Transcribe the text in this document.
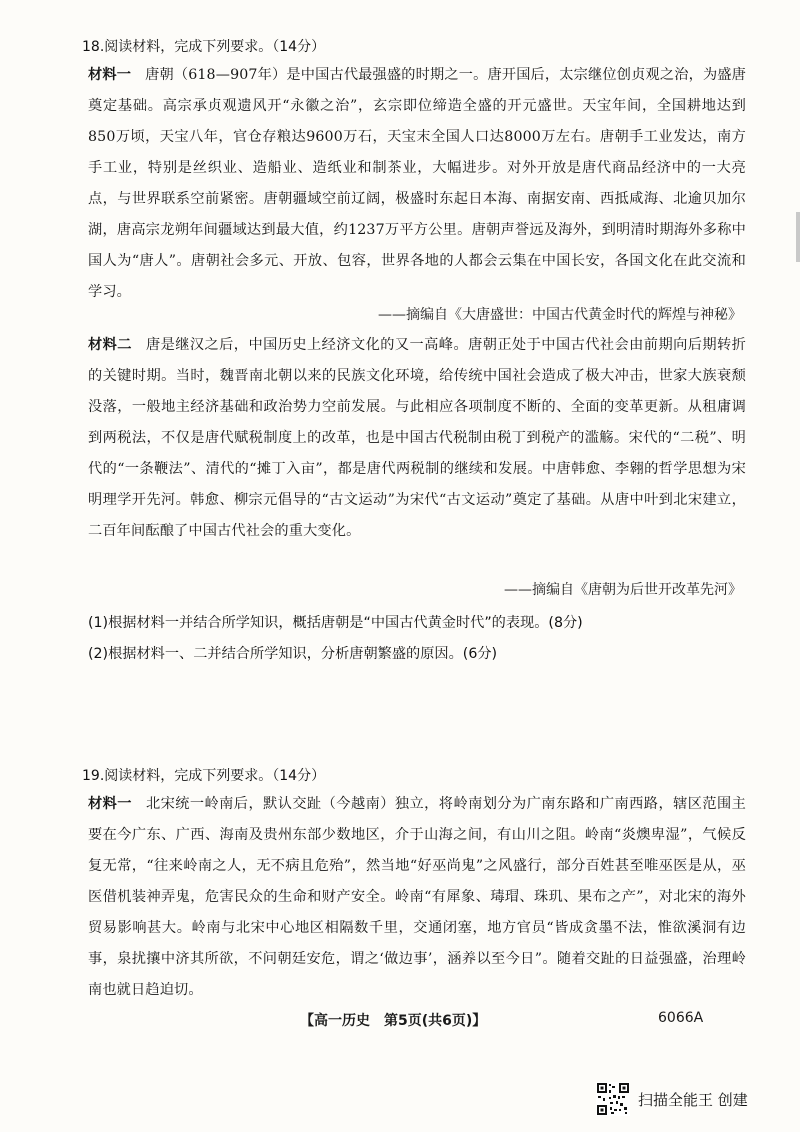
18.阅读材料，完成下列要求。（14分）
材料一 唐朝（618—907年）是中国古代最强盛的时期之一。唐开国后，太宗继位创贞观之治，为盛唐奠定基础。高宗承贞观遗风开“永徽之治”，玄宗即位缔造全盛的开元盛世。天宝年间，全国耕地达到850万顷，天宝八年，官仓存粮达9600万石，天宝末全国人口达8000万左右。唐朝手工业发达，南方手工业，特别是丝织业、造船业、造纸业和制茶业，大幅进步。对外开放是唐代商品经济中的一大亮点，与世界联系空前紧密。唐朝疆域空前辽阔，极盛时东起日本海、南据安南、西抵咸海、北逾贝加尔湖，唐高宗龙朔年间疆域达到最大值，约1237万平方公里。唐朝声誉远及海外，到明清时期海外多称中国人为“唐人”。唐朝社会多元、开放、包容，世界各地的人都会云集在中国长安，各国文化在此交流和学习。
——摘编自《大唐盛世：中国古代黄金时代的辉煌与神秘》
材料二 唐是继汉之后，中国历史上经济文化的又一高峰。唐朝正处于中国古代社会由前期向后期转折的关键时期。当时，魏晋南北朝以来的民族文化环境，给传统中国社会造成了极大冲击，世家大族衰颓没落，一般地主经济基础和政治势力空前发展。与此相应各项制度不断的、全面的变革更新。从租庸调到两税法，不仅是唐代赋税制度上的改革，也是中国古代税制由税丁到税产的滥觞。宋代的“二税”、明代的“一条鞭法”、清代的“摊丁入亩”，都是唐代两税制的继续和发展。中唐韩愈、李翱的哲学思想为宋明理学开先河。韩愈、柳宗元倡导的“古文运动”为宋代“古文运动”奠定了基础。从唐中叶到北宋建立，二百年间酝酿了中国古代社会的重大变化。
——摘编自《唐朝为后世开改革先河》
(1)根据材料一并结合所学知识，概括唐朝是“中国古代黄金时代”的表现。(8分)
(2)根据材料一、二并结合所学知识，分析唐朝繁盛的原因。(6分)
19.阅读材料，完成下列要求。（14分）
材料一 北宋统一岭南后，默认交趾（今越南）独立，将岭南划分为广南东路和广南西路，辖区范围主要在今广东、广西、海南及贵州东部少数地区，介于山海之间，有山川之阻。岭南“炎燠卑湿”，气候反复无常，“往来岭南之人，无不病且危殆”，然当地“好巫尚鬼”之风盛行，部分百姓甚至唯巫医是从，巫医借机装神弄鬼，危害民众的生命和财产安全。岭南“有犀象、瑇瑁、珠玑、果布之产”，对北宋的海外贸易影响甚大。岭南与北宋中心地区相隔数千里，交通闭塞，地方官员“皆成贪墨不法，惟欲溪洞有边事，泉扰攘中济其所欲，不问朝廷安危，谓之‘做边事’，涵养以至今日”。随着交趾的日益强盛，治理岭南也就日趋迫切。
【高一历史　第5页(共6页)】	6066A
扫描全能王 创建
